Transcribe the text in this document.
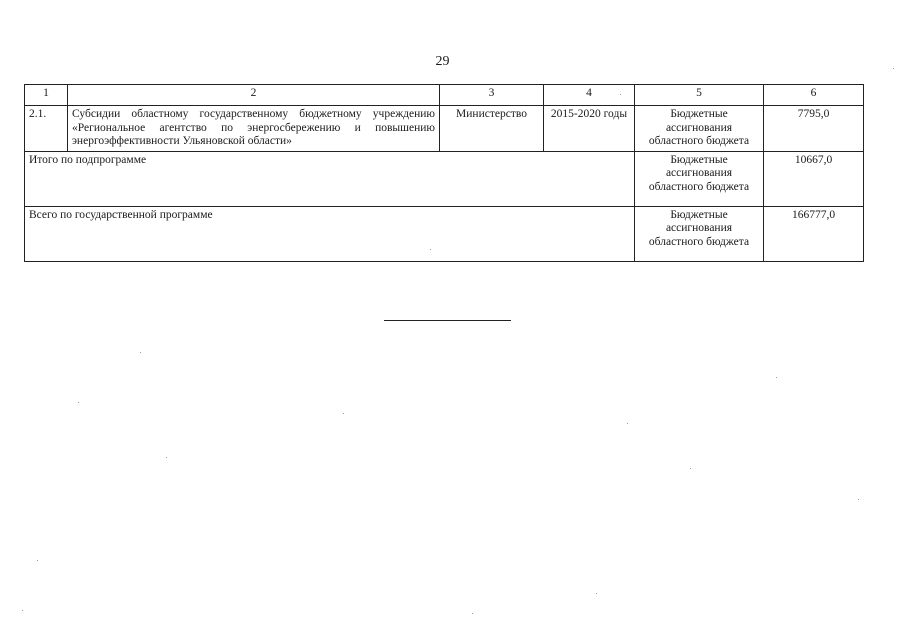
29
1	2	3	4	5	6
2.1.	Субсидии областному государственному бюджетному учреждению «Региональное агентство по энергосбережению и повышению энергоэффективности Ульяновской области»	Министерство	2015-2020 годы	Бюджетные ассигнования областного бюджета	7795,0
Итого по подпрограмме				Бюджетные ассигнования областного бюджета	10667,0
Всего по государственной программе				Бюджетные ассигнования областного бюджета	166777,0
